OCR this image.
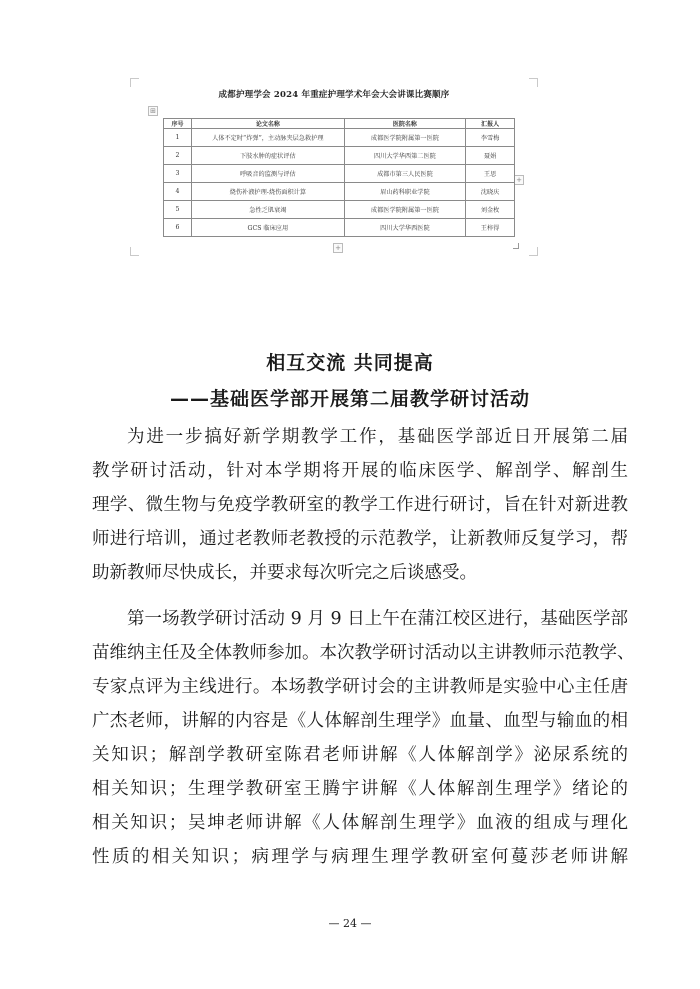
成都护理学会 2024 年重症护理学术年会大会讲课比赛顺序
⊞
+
+
序号	论文名称	医院名称	汇报人
1	人体不定时“炸弹”，主动脉夹层急救护理	成都医学院附属第一医院	李雪梅
2	下肢水肿的症状评估	四川大学华西第二医院	聂娟
3	呼吸音的监测与评估	成都市第三人民医院	王思
4	烧伤补液护理-烧伤面积计算	眉山药科职业学院	沈晓庆
5	急性乏肌衰竭	成都医学院附属第一医院	刘金枚
6	GCS 临床应用	四川大学华西医院	王梓得
相互交流 共同提高
——基础医学部开展第二届教学研讨活动
为进一步搞好新学期教学工作，基础医学部近日开展第二届
教学研讨活动，针对本学期将开展的临床医学、解剖学、解剖生
理学、微生物与免疫学教研室的教学工作进行研讨，旨在针对新进教
师进行培训，通过老教师老教授的示范教学，让新教师反复学习，帮
助新教师尽快成长，并要求每次听完之后谈感受。
第一场教学研讨活动 9 月 9 日上午在蒲江校区进行，基础医学部
苗维纳主任及全体教师参加。本次教学研讨活动以主讲教师示范教学、
专家点评为主线进行。本场教学研讨会的主讲教师是实验中心主任唐
广杰老师，讲解的内容是《人体解剖生理学》血量、血型与输血的相
关知识；解剖学教研室陈君老师讲解《人体解剖学》泌尿系统的
相关知识；生理学教研室王腾宇讲解《人体解剖生理学》绪论的
相关知识；吴坤老师讲解《人体解剖生理学》血液的组成与理化
性质的相关知识；病理学与病理生理学教研室何蔓莎老师讲解
— 24 —
